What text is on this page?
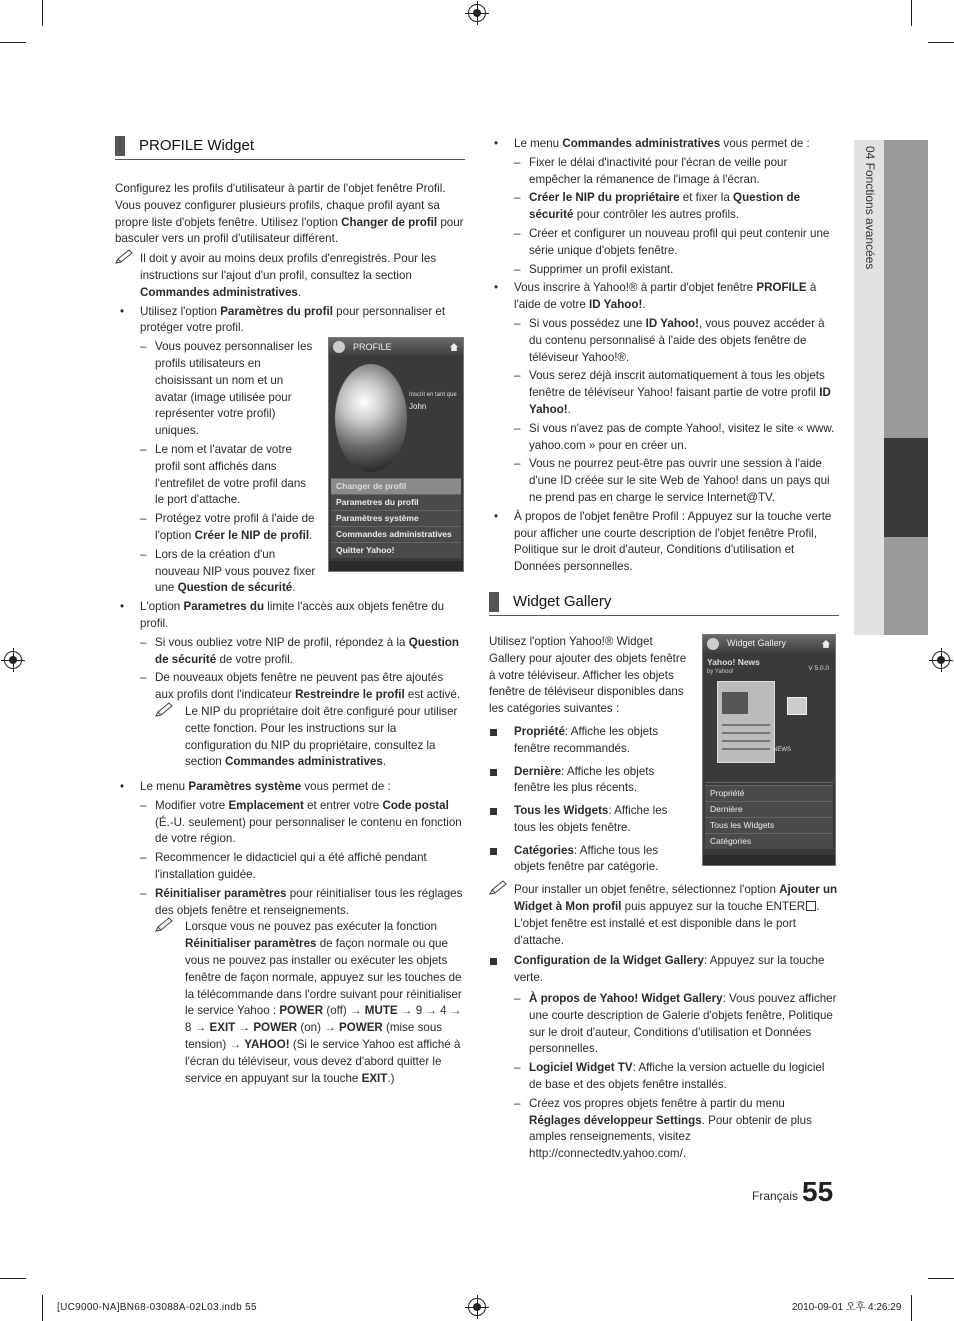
04 Fonctions avancées
PROFILE Widget

Configurez les profils d'utilisateur à partir de l'objet fenêtre Profil. Vous pouvez configurer plusieurs profils, chaque profil ayant sa propre liste d'objets fenêtre. Utilisez l'option Changer de profil pour basculer vers un profil d'utilisateur différent.

Il doit y avoir au moins deux profils d'enregistrés. Pour les instructions sur l'ajout d'un profil, consultez la section Commandes administratives.
• Utilisez l'option Paramètres du profil pour personnaliser et protéger votre profil.
– Vous pouvez personnaliser les profils utilisateurs en choisissant un nom et un avatar (image utilisée pour représenter votre profil) uniques.
– Le nom et l'avatar de votre profil sont affichés dans l'entrefilet de votre profil dans le port d'attache.
– Protégez votre profil à l'aide de l'option Créer le NIP de profil.
– Lors de la création d'un nouveau NIP vous pouvez fixer une Question de sécurité.
PROFILE
Inscrit en tant que
John
Changer de profil
Parametres du profil
Paramètres système
Commandes administratives
Quitter Yahoo!
• L'option Parametres du limite l'accès aux objets fenêtre du profil.
– Si vous oubliez votre NIP de profil, répondez à la Question de sécurité de votre profil.
– De nouveaux objets fenêtre ne peuvent pas être ajoutés aux profils dont l'indicateur Restreindre le profil est activé.
Le NIP du propriétaire doit être configuré pour utiliser cette fonction. Pour les instructions sur la configuration du NIP du propriétaire, consultez la section Commandes administratives.
• Le menu Paramètres système vous permet de :
– Modifier votre Emplacement et entrer votre Code postal (É.-U. seulement) pour personnaliser le contenu en fonction de votre région.
– Recommencer le didacticiel qui a été affiché pendant l'installation guidée.
– Réinitialiser paramètres pour réinitialiser tous les réglages des objets fenêtre et renseignements.
Lorsque vous ne pouvez pas exécuter la fonction Réinitialiser paramètres de façon normale ou que vous ne pouvez pas installer ou exécuter les objets fenêtre de façon normale, appuyez sur les touches de la télécommande dans l'ordre suivant pour réinitialiser le service Yahoo : POWER (off) → MUTE → 9 → 4 → 8 → EXIT → POWER (on) → POWER (mise sous tension) → YAHOO! (Si le service Yahoo est affiché à l'écran du téléviseur, vous devez d'abord quitter le service en appuyant sur la touche EXIT.)
• Le menu Commandes administratives vous permet de :
– Fixer le délai d'inactivité pour l'écran de veille pour empêcher la rémanence de l'image à l'écran.
– Créer le NIP du propriétaire et fixer la Question de sécurité pour contrôler les autres profils.
– Créer et configurer un nouveau profil qui peut contenir une série unique d'objets fenêtre.
– Supprimer un profil existant.
• Vous inscrire à Yahoo!® à partir d'objet fenêtre PROFILE à l'aide de votre ID Yahoo!.
– Si vous possédez une ID Yahoo!, vous pouvez accéder à du contenu personnalisé à l'aide des objets fenêtre de téléviseur Yahoo!®.
– Vous serez déjà inscrit automatiquement à tous les objets fenêtre de téléviseur Yahoo! faisant partie de votre profil ID Yahoo!.
– Si vous n'avez pas de compte Yahoo!, visitez le site « www. yahoo.com » pour en créer un.
– Vous ne pourrez peut-être pas ouvrir une session à l'aide d'une ID créée sur le site Web de Yahoo! dans un pays qui ne prend pas en charge le service Internet@TV.
• À propos de l'objet fenêtre Profil : Appuyez sur la touche verte pour afficher une courte description de l'objet fenêtre Profil, Politique sur le droit d'auteur, Conditions d'utilisation et Données personnelles.
Widget Gallery

Utilisez l'option Yahoo!® Widget Gallery pour ajouter des objets fenêtre à votre téléviseur. Afficher les objets fenêtre de téléviseur disponibles dans les catégories suivantes :

Propriété: Affiche les objets fenêtre recommandés.
Dernière: Affiche les objets fenêtre les plus récents.
Tous les Widgets: Affiche les tous les objets fenêtre.
Catégories: Affiche tous les objets fenêtre par catégorie.
Widget Gallery
Yahoo! News
by Yahoo!	V 5.0.0
NEWS
Propriété
Dernière
Tous les Widgets
Catégories
Pour installer un objet fenêtre, sélectionnez l'option Ajouter un Widget à Mon profil puis appuyez sur la touche ENTER . L'objet fenêtre est installé et est disponible dans le port d'attache.
Configuration de la Widget Gallery: Appuyez sur la touche verte.
– À propos de Yahoo! Widget Gallery: Vous pouvez afficher une courte description de Galerie d'objets fenêtre, Politique sur le droit d'auteur, Conditions d'utilisation et Données personnelles.
– Logiciel Widget TV: Affiche la version actuelle du logiciel de base et des objets fenêtre installés.
– Créez vos propres objets fenêtre à partir du menu Réglages développeur Settings. Pour obtenir de plus amples renseignements, visitez http://connectedtv.yahoo.com/.
Français 55
[UC9000-NA]BN68-03088A-02L03.indb 55	2010-09-01 오후 4:26:29
